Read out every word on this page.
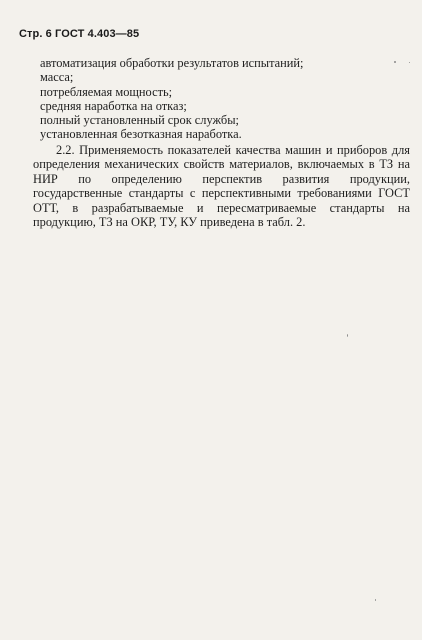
Стр. 6 ГОСТ 4.403—85
автоматизация обработки результатов испытаний;
масса;
потребляемая мощность;
средняя наработка на отказ;
полный установленный срок службы;
установленная безотказная наработка.

2.2. Применяемость показателей качества машин и приборов для определения механических свойств материалов, включаемых в ТЗ на НИР по определению перспектив развития продукции, государственные стандарты с перспективными требованиями ГОСТ ОТТ, в разрабатываемые и пересматриваемые стандарты на продукцию, ТЗ на ОКР, ТУ, КУ приведена в табл. 2.
